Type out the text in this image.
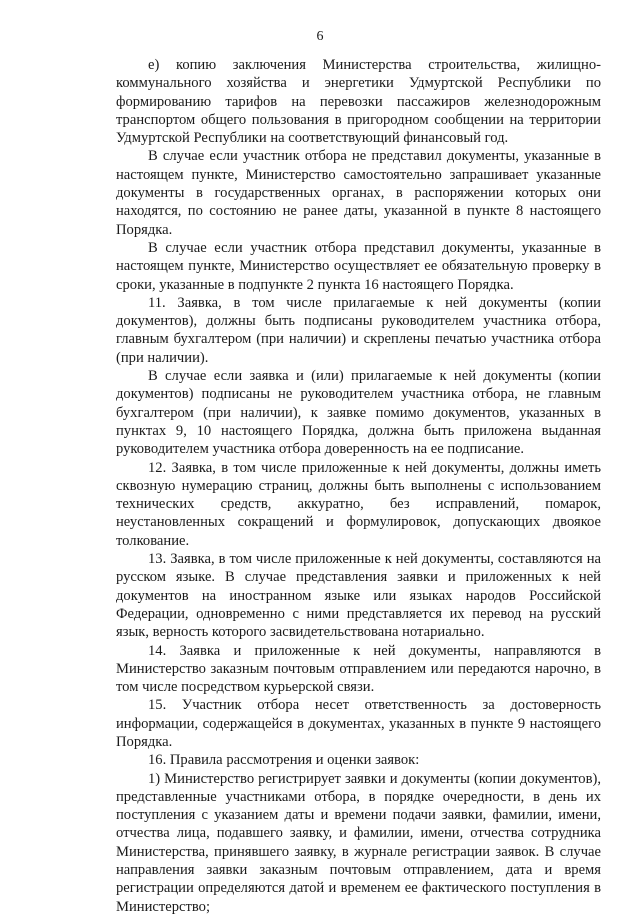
6

е) копию заключения Министерства строительства, жилищно-коммунального хозяйства и энергетики Удмуртской Республики по формированию тарифов на перевозки пассажиров железнодорожным транспортом общего пользования в пригородном сообщении на территории Удмуртской Республики на соответствующий финансовый год.

В случае если участник отбора не представил документы, указанные в настоящем пункте, Министерство самостоятельно запрашивает указанные документы в государственных органах, в распоряжении которых они находятся, по состоянию не ранее даты, указанной в пункте 8 настоящего Порядка.

В случае если участник отбора представил документы, указанные в настоящем пункте, Министерство осуществляет ее обязательную проверку в сроки, указанные в подпункте 2 пункта 16 настоящего Порядка.

11. Заявка, в том числе прилагаемые к ней документы (копии документов), должны быть подписаны руководителем участника отбора, главным бухгалтером (при наличии) и скреплены печатью участника отбора (при наличии).

В случае если заявка и (или) прилагаемые к ней документы (копии документов) подписаны не руководителем участника отбора, не главным бухгалтером (при наличии), к заявке помимо документов, указанных в пунктах 9, 10 настоящего Порядка, должна быть приложена выданная руководителем участника отбора доверенность на ее подписание.

12. Заявка, в том числе приложенные к ней документы, должны иметь сквозную нумерацию страниц, должны быть выполнены с использованием технических средств, аккуратно, без исправлений, помарок, неустановленных сокращений и формулировок, допускающих двоякое толкование.

13. Заявка, в том числе приложенные к ней документы, составляются на русском языке. В случае представления заявки и приложенных к ней документов на иностранном языке или языках народов Российской Федерации, одновременно с ними представляется их перевод на русский язык, верность которого засвидетельствована нотариально.

14. Заявка и приложенные к ней документы, направляются в Министерство заказным почтовым отправлением или передаются нарочно, в том числе посредством курьерской связи.

15. Участник отбора несет ответственность за достоверность информации, содержащейся в документах, указанных в пункте 9 настоящего Порядка.

16. Правила рассмотрения и оценки заявок:

1) Министерство регистрирует заявки и документы (копии документов), представленные участниками отбора, в порядке очередности, в день их поступления с указанием даты и времени подачи заявки, фамилии, имени, отчества лица, подавшего заявку, и фамилии, имени, отчества сотрудника Министерства, принявшего заявку, в журнале регистрации заявок. В случае направления заявки заказным почтовым отправлением, дата и время регистрации определяются датой и временем ее фактического поступления в Министерство;
